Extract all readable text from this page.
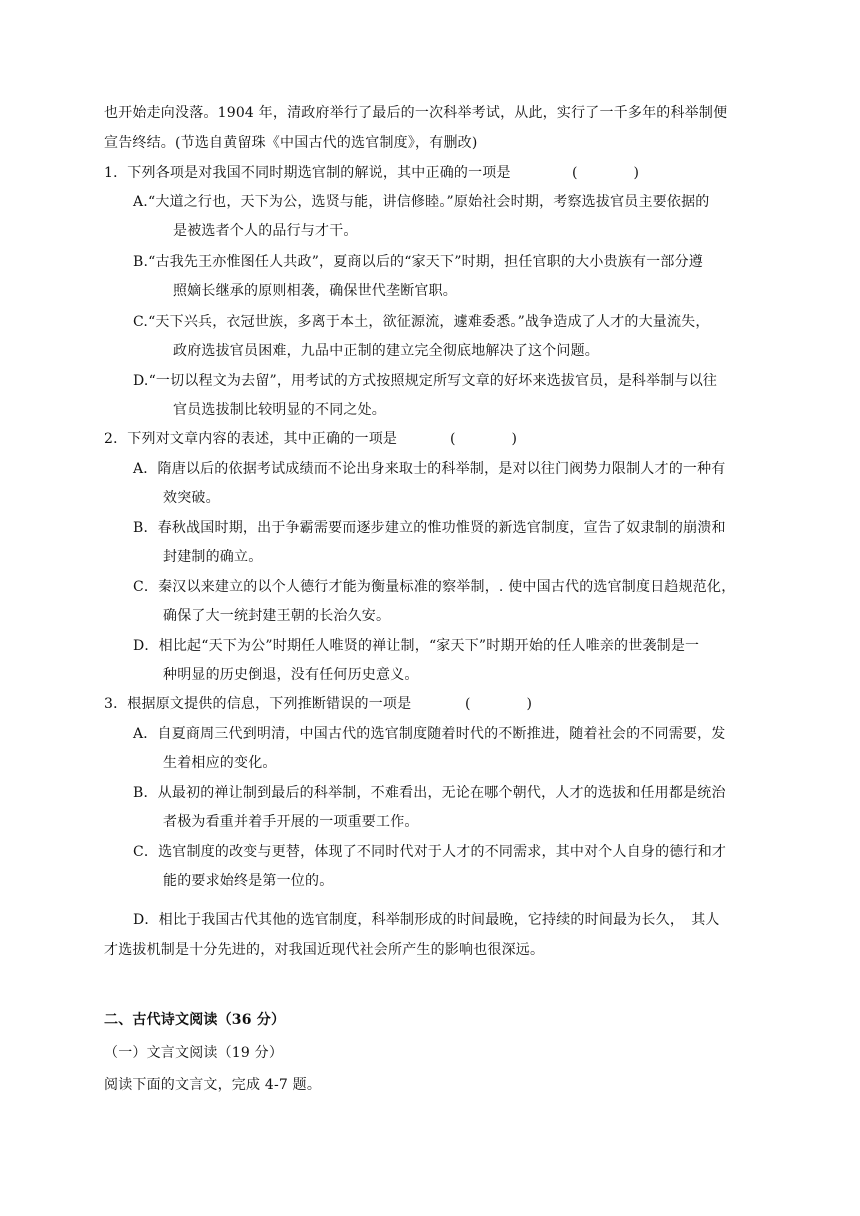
也开始走向没落。1904 年，清政府举行了最后的一次科举考试，从此，实行了一千多年的科举制便
宣告终结。(节选自黄留珠《中国古代的选官制度》，有删改)
1．下列各项是对我国不同时期选官制的解说，其中正确的一项是	(　　　　)
A.“大道之行也，天下为公，选贤与能，讲信修睦。”原始社会时期，考察选拔官员主要依据的
是被选者个人的品行与才干。
B.“古我先王亦惟图任人共政”，夏商以后的“家天下”时期，担任官职的大小贵族有一部分遵
照嫡长继承的原则相袭，确保世代垄断官职。
C.“天下兴兵，衣冠世族，多离于本土，欲征源流，遽难委悉。”战争造成了人才的大量流失，
政府选拔官员困难，九品中正制的建立完全彻底地解决了这个问题。
D.“一切以程文为去留”，用考试的方式按照规定所写文章的好坏来选拔官员，是科举制与以往
官员选拔制比较明显的不同之处。
2．下列对文章内容的表述，其中正确的一项是	(　　　　)
A．隋唐以后的依据考试成绩而不论出身来取士的科举制，是对以往门阀势力限制人才的一种有
效突破。
B．春秋战国时期，出于争霸需要而逐步建立的惟功惟贤的新选官制度，宣告了奴隶制的崩溃和
封建制的确立。
C．秦汉以来建立的以个人德行才能为衡量标准的察举制，. 使中国古代的选官制度日趋规范化，
确保了大一统封建王朝的长治久安。
D．相比起“天下为公”时期任人唯贤的禅让制，“家天下”时期开始的任人唯亲的世袭制是一
种明显的历史倒退，没有任何历史意义。
3．根据原文提供的信息，下列推断错误的一项是	(　　　　)
A．自夏商周三代到明清，中国古代的选官制度随着时代的不断推进，随着社会的不同需要，发
生着相应的变化。
B．从最初的禅让制到最后的科举制，不难看出，无论在哪个朝代，人才的选拔和任用都是统治
者极为看重并着手开展的一项重要工作。
C．选官制度的改变与更替，体现了不同时代对于人才的不同需求，其中对个人自身的德行和才
能的要求始终是第一位的。
D．相比于我国古代其他的选官制度，科举制形成的时间最晚，它持续的时间最为长久，　其人
才选拔机制是十分先进的，对我国近现代社会所产生的影响也很深远。
二、古代诗文阅读（36 分）
（一）文言文阅读（19 分）
阅读下面的文言文，完成 4-7 题。
